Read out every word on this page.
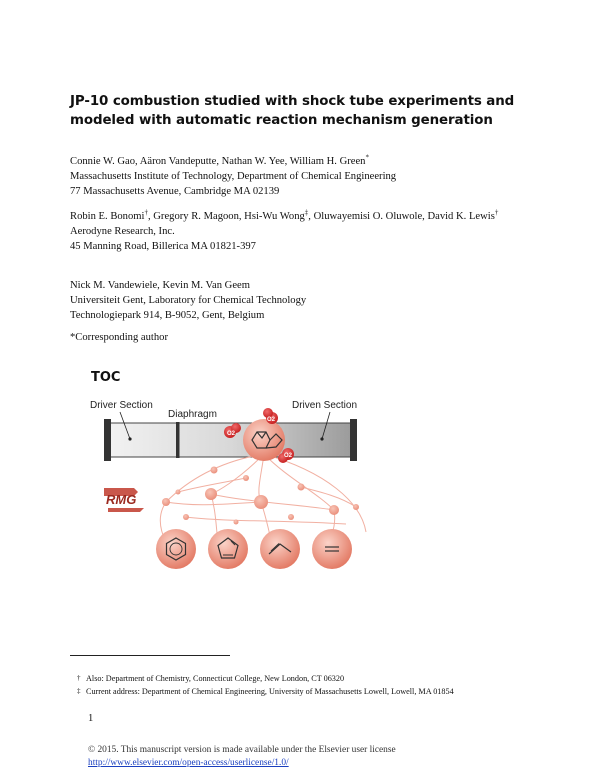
JP-10 combustion studied with shock tube experiments and modeled with automatic reaction mechanism generation
Connie W. Gao, Aäron Vandeputte, Nathan W. Yee, William H. Green*
Massachusetts Institute of Technology, Department of Chemical Engineering
77 Massachusetts Avenue, Cambridge MA 02139
Robin E. Bonomi†, Gregory R. Magoon, Hsi-Wu Wong‡, Oluwayemisi O. Oluwole, David K. Lewis†
Aerodyne Research, Inc.
45 Manning Road, Billerica MA 01821-397
Nick M. Vandewiele, Kevin M. Van Geem
Universiteit Gent, Laboratory for Chemical Technology
Technologiepark 914, B-9052, Gent, Belgium
*Corresponding author
TOC
Driver Section
Diaphragm
Driven Section
O2
O2
O2
RMG
† Also: Department of Chemistry, Connecticut College, New London, CT 06320
‡ Current address: Department of Chemical Engineering, University of Massachusetts Lowell, Lowell, MA 01854
1
© 2015. This manuscript version is made available under the Elsevier user license
http://www.elsevier.com/open-access/userlicense/1.0/
